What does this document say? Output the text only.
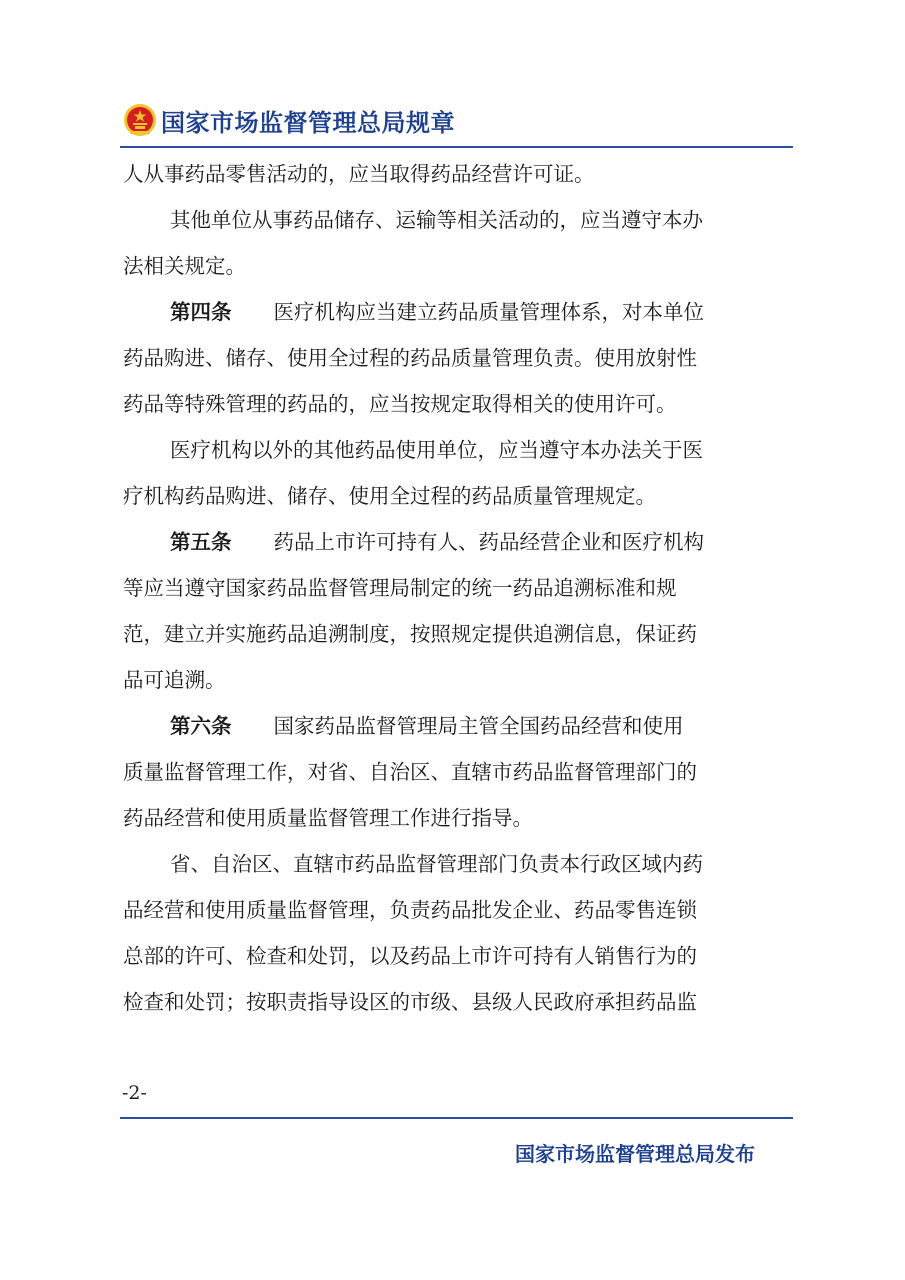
国家市场监督管理总局规章

人从事药品零售活动的，应当取得药品经营许可证。

其他单位从事药品储存、运输等相关活动的，应当遵守本办

法相关规定。

第四条 医疗机构应当建立药品质量管理体系，对本单位

药品购进、储存、使用全过程的药品质量管理负责。使用放射性

药品等特殊管理的药品的，应当按规定取得相关的使用许可。

医疗机构以外的其他药品使用单位，应当遵守本办法关于医

疗机构药品购进、储存、使用全过程的药品质量管理规定。

第五条 药品上市许可持有人、药品经营企业和医疗机构

等应当遵守国家药品监督管理局制定的统一药品追溯标准和规

范，建立并实施药品追溯制度，按照规定提供追溯信息，保证药

品可追溯。

第六条 国家药品监督管理局主管全国药品经营和使用

质量监督管理工作，对省、自治区、直辖市药品监督管理部门的

药品经营和使用质量监督管理工作进行指导。

省、自治区、直辖市药品监督管理部门负责本行政区域内药

品经营和使用质量监督管理，负责药品批发企业、药品零售连锁

总部的许可、检查和处罚，以及药品上市许可持有人销售行为的

检查和处罚；按职责指导设区的市级、县级人民政府承担药品监

-2-
国家市场监督管理总局发布
